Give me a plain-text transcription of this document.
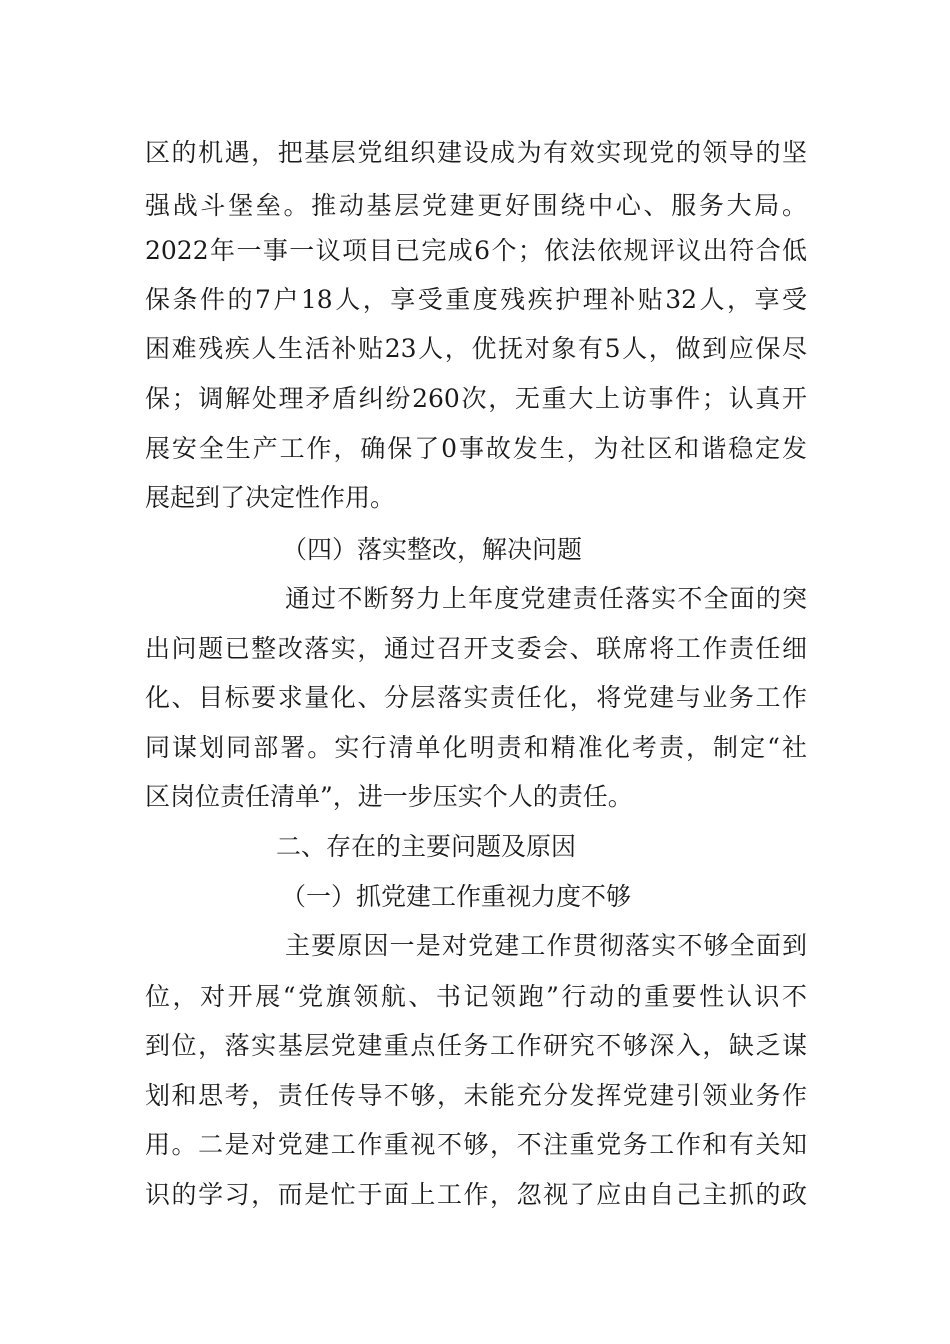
区的机遇，把基层党组织建设成为有效实现党的领导的坚
强战斗堡垒。推动基层党建更好围绕中心、服务大局。
2022年一事一议项目已完成6个；依法依规评议出符合低
保条件的7户18人，享受重度残疾护理补贴32人，享受
困难残疾人生活补贴23人，优抚对象有5人，做到应保尽
保；调解处理矛盾纠纷260次，无重大上访事件；认真开
展安全生产工作，确保了0事故发生，为社区和谐稳定发
展起到了决定性作用。
（四）落实整改，解决问题
通过不断努力上年度党建责任落实不全面的突
出问题已整改落实，通过召开支委会、联席将工作责任细
化、目标要求量化、分层落实责任化，将党建与业务工作
同谋划同部署。实行清单化明责和精准化考责，制定“社
区岗位责任清单”，进一步压实个人的责任。
二、存在的主要问题及原因
（一）抓党建工作重视力度不够
主要原因一是对党建工作贯彻落实不够全面到
位，对开展“党旗领航、书记领跑”行动的重要性认识不
到位，落实基层党建重点任务工作研究不够深入，缺乏谋
划和思考，责任传导不够，未能充分发挥党建引领业务作
用。二是对党建工作重视不够，不注重党务工作和有关知
识的学习，而是忙于面上工作，忽视了应由自己主抓的政
